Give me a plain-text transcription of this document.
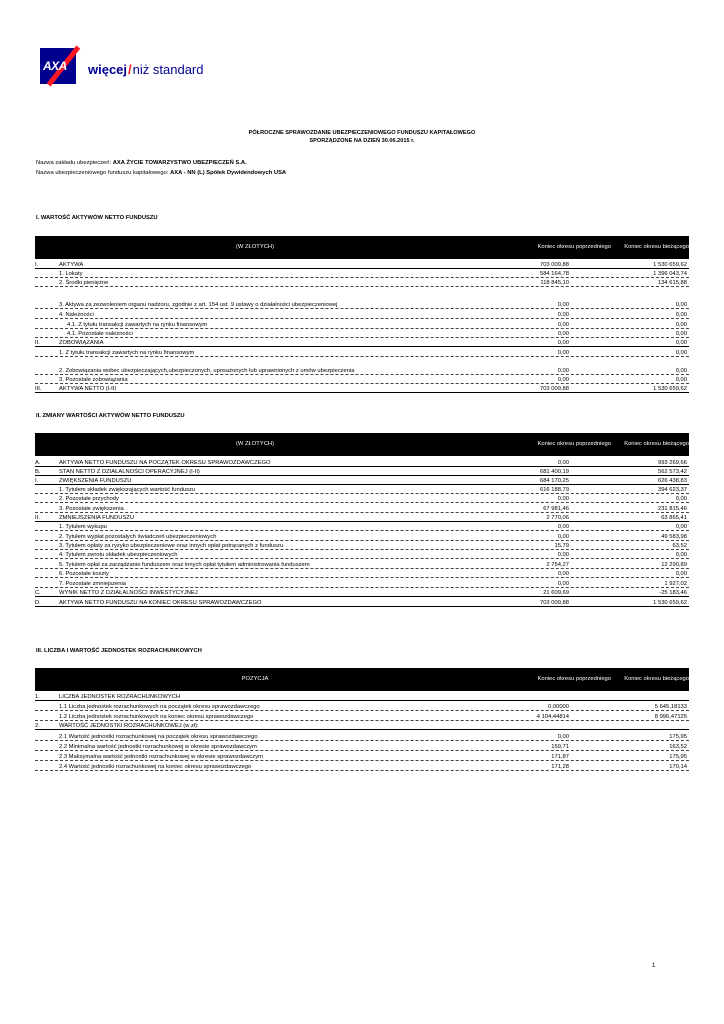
AXA więcej/niż standard
PÓŁROCZNE SPRAWOZDANIE UBEZPIECZENIOWEGO FUNDUSZU KAPITAŁOWEGO
SPORZĄDZONE NA DZIEŃ 30.06.2015 r.
Nazwa zakładu ubezpieczeń: AXA ŻYCIE TOWARZYSTWO UBEZPIECZEŃ S.A.
Nazwa ubezpieczeniowego funduszu kapitałowego: AXA - NN (L) Spółek Dywidendowych USA
I. WARTOŚĆ AKTYWÓW NETTO FUNDUSZU
(W ZŁOTYCH)	Koniec okresu poprzedniego	Koniec okresu bieżącego
I.	AKTYWA	703 009,88	1 530 659,62
1. Lokaty	584 164,78	1 396 043,74
2. Środki pieniężne	118 845,10	134 615,88
3. Aktywa za zezwoleniem organu nadzoru, zgodnie z art. 154 ust. 9 ustawy o działalności ubezpieczeniowej	0,00	0,00
4. Należności	0,00	0,00
4.1. Z tytułu transakcji zawartych na rynku finansowym	0,00	0,00
4.1. Pozostałe należności	0,00	0,00
II.	ZOBOWIĄZANIA	0,00	0,00
1. Z tytułu transakcji zawartych na rynku finansowym	0,00	0,00
2. Zobowiązania wobec ubezpieczających,ubezpieczonych, uposażonych lub uprawnionych z umów ubezpieczenia	0,00	0,00
3. Pozostałe zobowiązania	0,00	0,00
III.	AKTYWA NETTO (I-II)	703 009,88	1 530 659,62
II. ZMIANY WARTOŚCI AKTYWÓW NETTO FUNDUSZU
(W ZŁOTYCH)	Koniec okresu poprzedniego	Koniec okresu bieżącego
A.	AKTYWA NETTO FUNDUSZU NA POCZĄTEK OKRESU SPRAWOZDAWCZEGO	0,00	993 269,66
B.	STAN NETTO Z DZIAŁALNOŚCI OPERACYJNEJ (I-II)	681 400,19	562 573,42
I.	ZWIĘKSZENIA FUNDUSZU	684 170,25	626 438,83
1. Tytułem składek zwiększających wartość funduszu	616 188,79	394 623,37
2. Pozostałe przychody	0,00	0,00
3. Pozostałe zwiększenia	67 981,46	231 815,46
II.	ZMNIEJSZENIA FUNDUSZU	2 770,06	63 865,41
1. Tytułem wykupu	0,00	0,00
2. Tytułem wypłat pozostałych świadczeń ubezpieczeniowych	0,00	49 583,98
3. Tytułem opłaty za ryzyko ubezpieczeniowe oraz innych opłat potrącanych z funduszu	15,79	63,52
4. Tytułem zwrotu składek ubezpieczeniowych	0,00	0,00
5. Tytułem opłat za zarządzanie funduszem oraz innych opłat tytułem administrowania funduszem	2 754,27	12 290,89
6. Pozostałe koszty	0,00	0,00
7. Pozostałe zmniejszenia	0,00	1 927,02
C.	WYNIK NETTO Z DZIAŁALNOŚCI INWESTYCYJNEJ	21 609,69	-25 183,46
D.	AKTYWA NETTO FUNDUSZU NA KONIEC OKRESU SPRAWOZDAWCZEGO	703 009,88	1 530 659,62
III. LICZBA I WARTOŚĆ JEDNOSTEK ROZRACHUNKOWYCH
POZYCJA	Koniec okresu poprzedniego	Koniec okresu bieżącego
1.	LICZBA JEDNOSTEK ROZRACHUNKOWYCH
1.1 Liczba jednostek rozrachunkowych na początek okresu sprawozdawczego	0,00000	5 645,18133
1.2 Liczba jednostek rozrachunkowych na koniec okresu sprawozdawczego	4 104,44814	8 996,47125
2.	WARTOŚĆ JEDNOSTKI ROZRACHUNKOWEJ (w zł):
2.1 Wartość jednostki rozrachunkowej na początek okresu sprawozdawczego	0,00	175,95
2.2 Minimalna wartość jednostki rozrachunkowej w okresie sprawozdawczym	159,71	163,52
2.3 Maksymalna wartość jednostki rozrachunkowej w okresie sprawozdawczym	171,87	175,95
2.4 Wartość jednostki rozrachunkowej na koniec okresu sprawozdawczego	171,28	170,14
1
